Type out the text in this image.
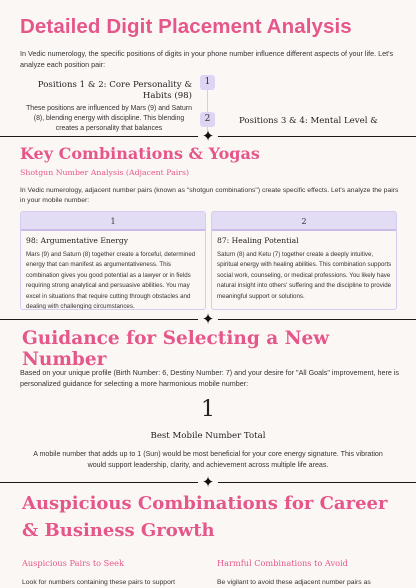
Detailed Digit Placement Analysis

In Vedic numerology, the specific positions of digits in your phone number influence different aspects of your life. Let's analyze each position pair:

1
2
Positions 1 & 2: Core Personality & Habits (98)
These positions are influenced by Mars (9) and Saturn (8), blending energy with discipline. This blending creates a personality that balances
Positions 3 & 4: Mental Level &
✦
Key Combinations & Yogas
Shotgun Number Analysis (Adjacent Pairs)

In Vedic numerology, adjacent number pairs (known as "shotgun combinations") create specific effects. Let's analyze the pairs in your mobile number:

1
98: Argumentative Energy
Mars (9) and Saturn (8) together create a forceful, determined energy that can manifest as argumentativeness. This combination gives you good potential as a lawyer or in fields requiring strong analytical and persuasive abilities. You may excel in situations that require cutting through obstacles and dealing with challenging circumstances.
2
87: Healing Potential
Saturn (8) and Ketu (7) together create a deeply intuitive, spiritual energy with healing abilities. This combination supports social work, counseling, or medical professions. You likely have natural insight into others' suffering and the discipline to provide meaningful support or solutions.
✦
Guidance for Selecting a New Number

Based on your unique profile (Birth Number: 6, Destiny Number: 7) and your desire for "All Goals" improvement, here is personalized guidance for selecting a more harmonious mobile number:

1
Best Mobile Number Total

A mobile number that adds up to 1 (Sun) would be most beneficial for your core energy signature. This vibration would support leadership, clarity, and achievement across multiple life areas.

✦
Auspicious Combinations for Career & Business Growth
Auspicious Pairs to Seek	Harmful Combinations to Avoid

Look for numbers containing these pairs to support	Be vigilant to avoid these adjacent number pairs as
